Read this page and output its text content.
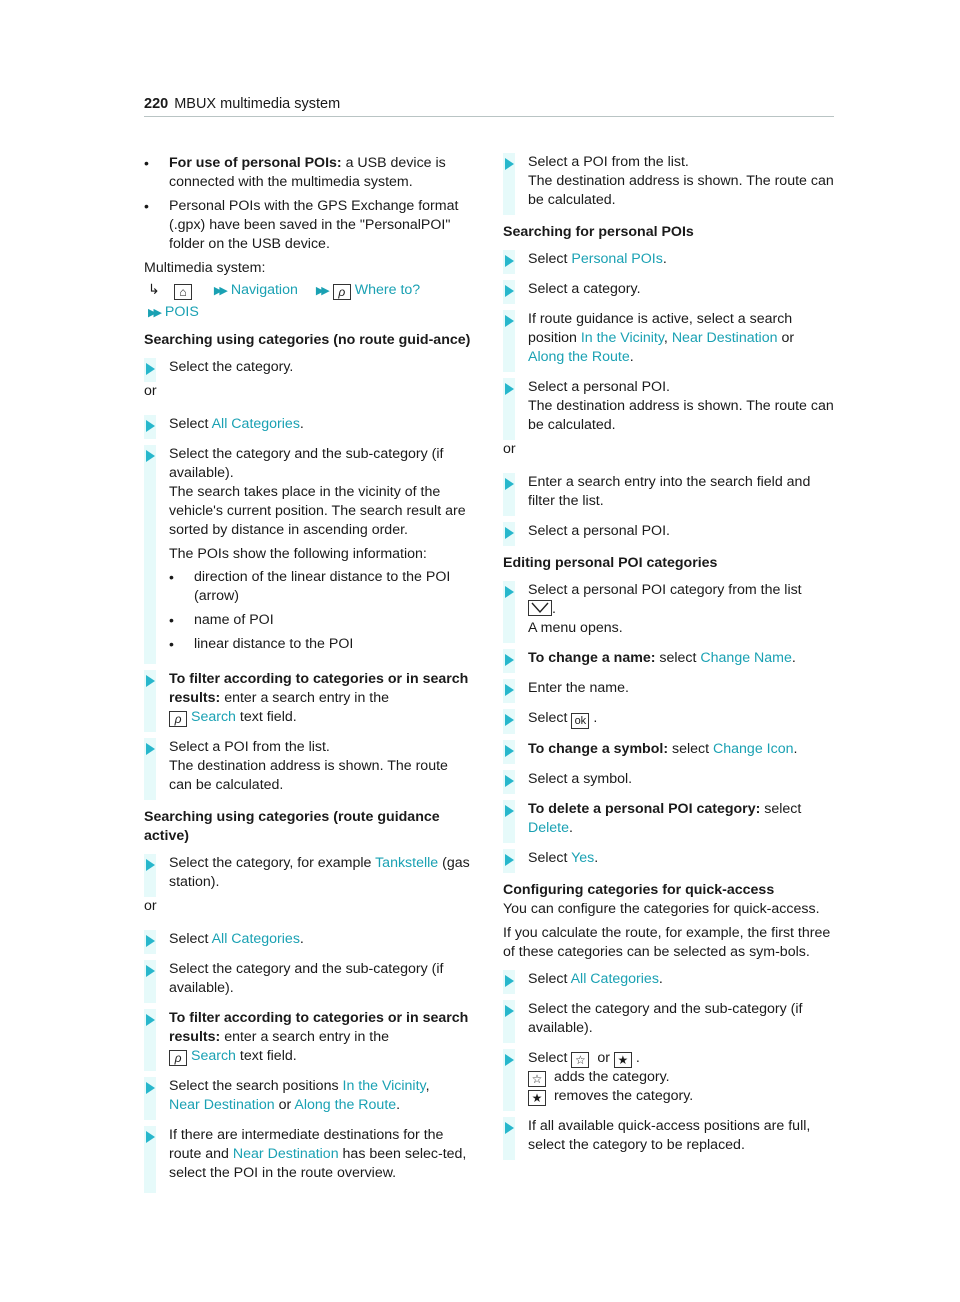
220 MBUX multimedia system
• For use of personal POIs: a USB device is connected with the multimedia system.
• Personal POIs with the GPS Exchange format (.gpx) have been saved in the "PersonalPOI" folder on the USB device.

Multimedia system:

↳ ⌂ ▶▶ Navigation ▶▶ ρ Where to?
▶▶ POIS
Searching using categories (no route guid-ance)
Select the category.

or

Select All Categories.

Select the category and the sub-category (if available).

The search takes place in the vicinity of the vehicle's current position. The search result are sorted by distance in ascending order.

The POIs show the following information:

• direction of the linear distance to the POI (arrow)
• name of POI
• linear distance to the POI
To filter according to categories or in search results: enter a search entry in the
ρ Search text field.

Select a POI from the list.

The destination address is shown. The route can be calculated.

Searching using categories (route guidance active)
Select the category, for example Tankstelle (gas station).

or

Select All Categories.
Select the category and the sub-category (if available).
To filter according to categories or in search results: enter a search entry in the
ρ Search text field.
Select the search positions In the Vicinity,
Near Destination or Along the Route.
If there are intermediate destinations for the route and Near Destination has been selec-ted, select the POI in the route overview.

Select a POI from the list.

The destination address is shown. The route can be calculated.

Searching for personal POIs
Select Personal POIs.
Select a category.
If route guidance is active, select a search position In the Vicinity, Near Destination or
Along the Route.

Select a personal POI.

The destination address is shown. The route can be calculated.

or

Enter a search entry into the search field and filter the list.
Select a personal POI.
Editing personal POI categories

Select a personal POI category from the list

.

A menu opens.

To change a name: select Change Name.
Enter the name.
Select ok .
To change a symbol: select Change Icon.
Select a symbol.
To delete a personal POI category: select
Delete.
Select Yes.
Configuring categories for quick-access

You can configure the categories for quick-access.

If you calculate the route, for example, the first three of these categories can be selected as sym-bols.

Select All Categories.
Select the category and the sub-category (if available).

Select ☆ or ★ .

☆ adds the category.

★ removes the category.

If all available quick-access positions are full, select the category to be replaced.
